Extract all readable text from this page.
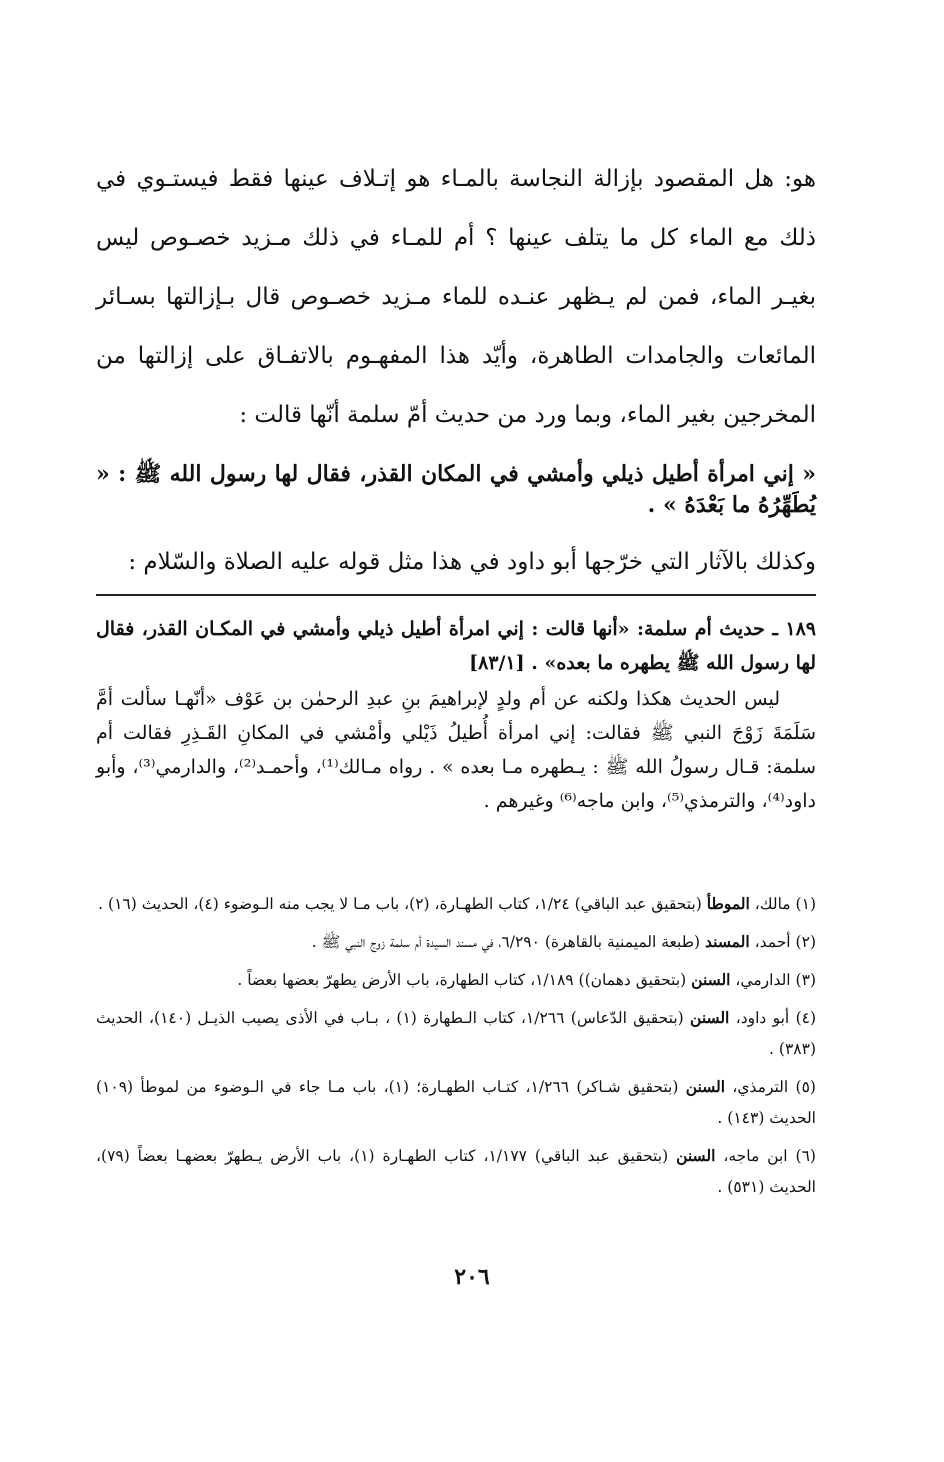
هو: هل المقصود بإزالة النجاسة بالمـاء هو إتـلاف عينها فقط فيستـوي في ذلك مع الماء كل ما يتلف عينها ؟ أم للمـاء في ذلك مـزيد خصـوص ليس بغيـر الماء، فمن لم يـظهر عنـده للماء مـزيد خصـوص قال بـإزالتها بسـائر المائعات والجامدات الطاهرة، وأيّد هذا المفهـوم بالاتفـاق على إزالتها من المخرجين بغير الماء، وبما ورد من حديث أمّ سلمة أنّها قالت :

« إني امرأة أطيل ذيلي وأمشي في المكان القذر، فقال لها رسول الله ﷺ : « يُطَهِّرُهُ ما بَعْدَهُ » .

وكذلك بالآثار التي خرّجها أبو داود في هذا مثل قوله عليه الصلاة والسّلام :

١٨٩ ـ حديث أم سلمة: «أنها قالت : إني امرأة أطيل ذيلي وأمشي في المكـان القذر، فقال لها رسول الله ﷺ يطهره ما بعده» . [٨٣/١]

ليس الحديث هكذا ولكنه عن أم ولدٍ لإبراهيمَ بنِ عبدِ الرحمٰن بن عَوْف «أنّهـا سألت أمَّ سَلَمَةَ زَوْجَ النبي ﷺ فقالت: إني امرأة أُطيلُ ذَيْلي وأمْشي في المكانِ القَـذِرِ فقالت أم سلمة: قـال رسولُ الله ﷺ : يـطهره مـا بعده » . رواه مـالك⁽¹⁾، وأحمـد⁽²⁾، والدارمي⁽³⁾، وأبو داود⁽⁴⁾، والترمذي⁽⁵⁾، وابن ماجه⁽⁶⁾ وغيرهم .

(١) مالك، الموطأ (بتحقيق عبد الباقي) ١/٢٤، كتاب الطهـارة، (٢)، باب مـا لا يجب منه الـوضوء (٤)، الحديث (١٦) .

(٢) أحمد، المسند (طبعة الميمنية بالقاهرة) ٦/٢٩٠، في مسند السيدة أم سلمة زوج النبي ﷺ .

(٣) الدارمي، السنن (بتحقيق دهمان)) ١/١٨٩، كتاب الطهارة، باب الأرض يطهرّ بعضها بعضاً .

(٤) أبو داود، السنن (بتحقيق الدّعاس) ١/٢٦٦، كتاب الـطهارة (١) ، بـاب في الأذى يصيب الذيـل (١٤٠)، الحديث (٣٨٣) .

(٥) الترمذي، السنن (بتحقيق شـاكر) ١/٢٦٦، كتـاب الطهـارة؛ (١)، باب مـا جاء في الـوضوء من لموطأ (١٠٩) الحديث (١٤٣) .

(٦) ابن ماجه، السنن (بتحقيق عبد الباقي) ١/١٧٧، كتاب الطهـارة (١)، باب الأرض يـطهرّ بعضهـا بعضاً (٧٩)، الحديث (٥٣١) .

٢٠٦
